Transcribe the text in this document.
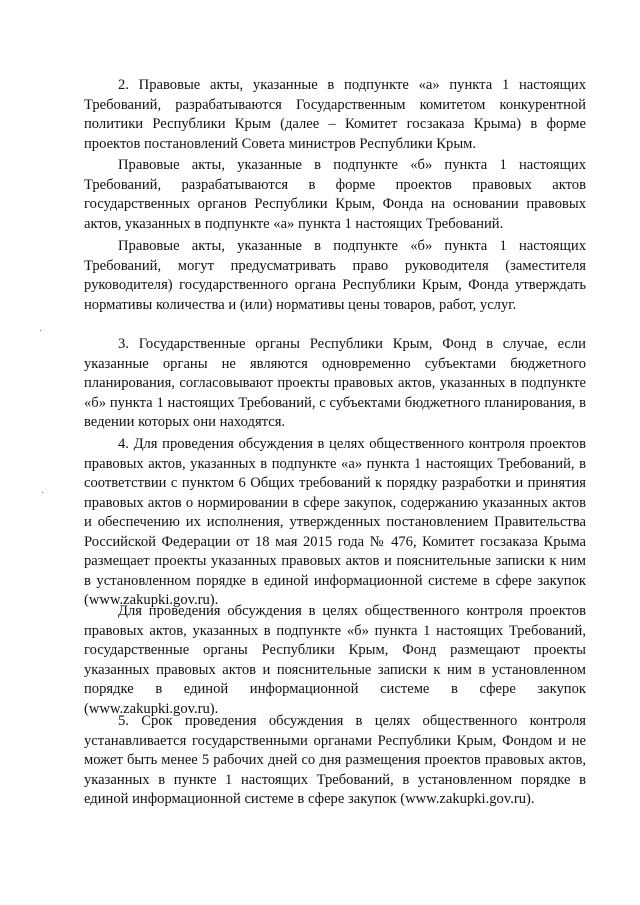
2. Правовые акты, указанные в подпункте «а» пункта 1 настоящих Требований, разрабатываются Государственным комитетом конкурентной политики Республики Крым (далее – Комитет госзаказа Крыма) в форме проектов постановлений Совета министров Республики Крым.

Правовые акты, указанные в подпункте «б» пункта 1 настоящих Требований, разрабатываются в форме проектов правовых актов государственных органов Республики Крым, Фонда на основании правовых актов, указанных в подпункте «а» пункта 1 настоящих Требований.

Правовые акты, указанные в подпункте «б» пункта 1 настоящих Требований, могут предусматривать право руководителя (заместителя руководителя) государственного органа Республики Крым, Фонда утверждать нормативы количества и (или) нормативы цены товаров, работ, услуг.

3. Государственные органы Республики Крым, Фонд в случае, если указанные органы не являются одновременно субъектами бюджетного планирования, согласовывают проекты правовых актов, указанных в подпункте «б» пункта 1 настоящих Требований, с субъектами бюджетного планирования, в ведении которых они находятся.

4. Для проведения обсуждения в целях общественного контроля проектов правовых актов, указанных в подпункте «а» пункта 1 настоящих Требований, в соответствии с пунктом 6 Общих требований к порядку разработки и принятия правовых актов о нормировании в сфере закупок, содержанию указанных актов и обеспечению их исполнения, утвержденных постановлением Правительства Российской Федерации от 18 мая 2015 года № 476, Комитет госзаказа Крыма размещает проекты указанных правовых актов и пояснительные записки к ним в установленном порядке в единой информационной системе в сфере закупок (www.zakupki.gov.ru).

Для проведения обсуждения в целях общественного контроля проектов правовых актов, указанных в подпункте «б» пункта 1 настоящих Требований, государственные органы Республики Крым, Фонд размещают проекты указанных правовых актов и пояснительные записки к ним в установленном порядке в единой информационной системе в сфере закупок (www.zakupki.gov.ru).

5. Срок проведения обсуждения в целях общественного контроля устанавливается государственными органами Республики Крым, Фондом и не может быть менее 5 рабочих дней со дня размещения проектов правовых актов, указанных в пункте 1 настоящих Требований, в установленном порядке в единой информационной системе в сфере закупок (www.zakupki.gov.ru).
